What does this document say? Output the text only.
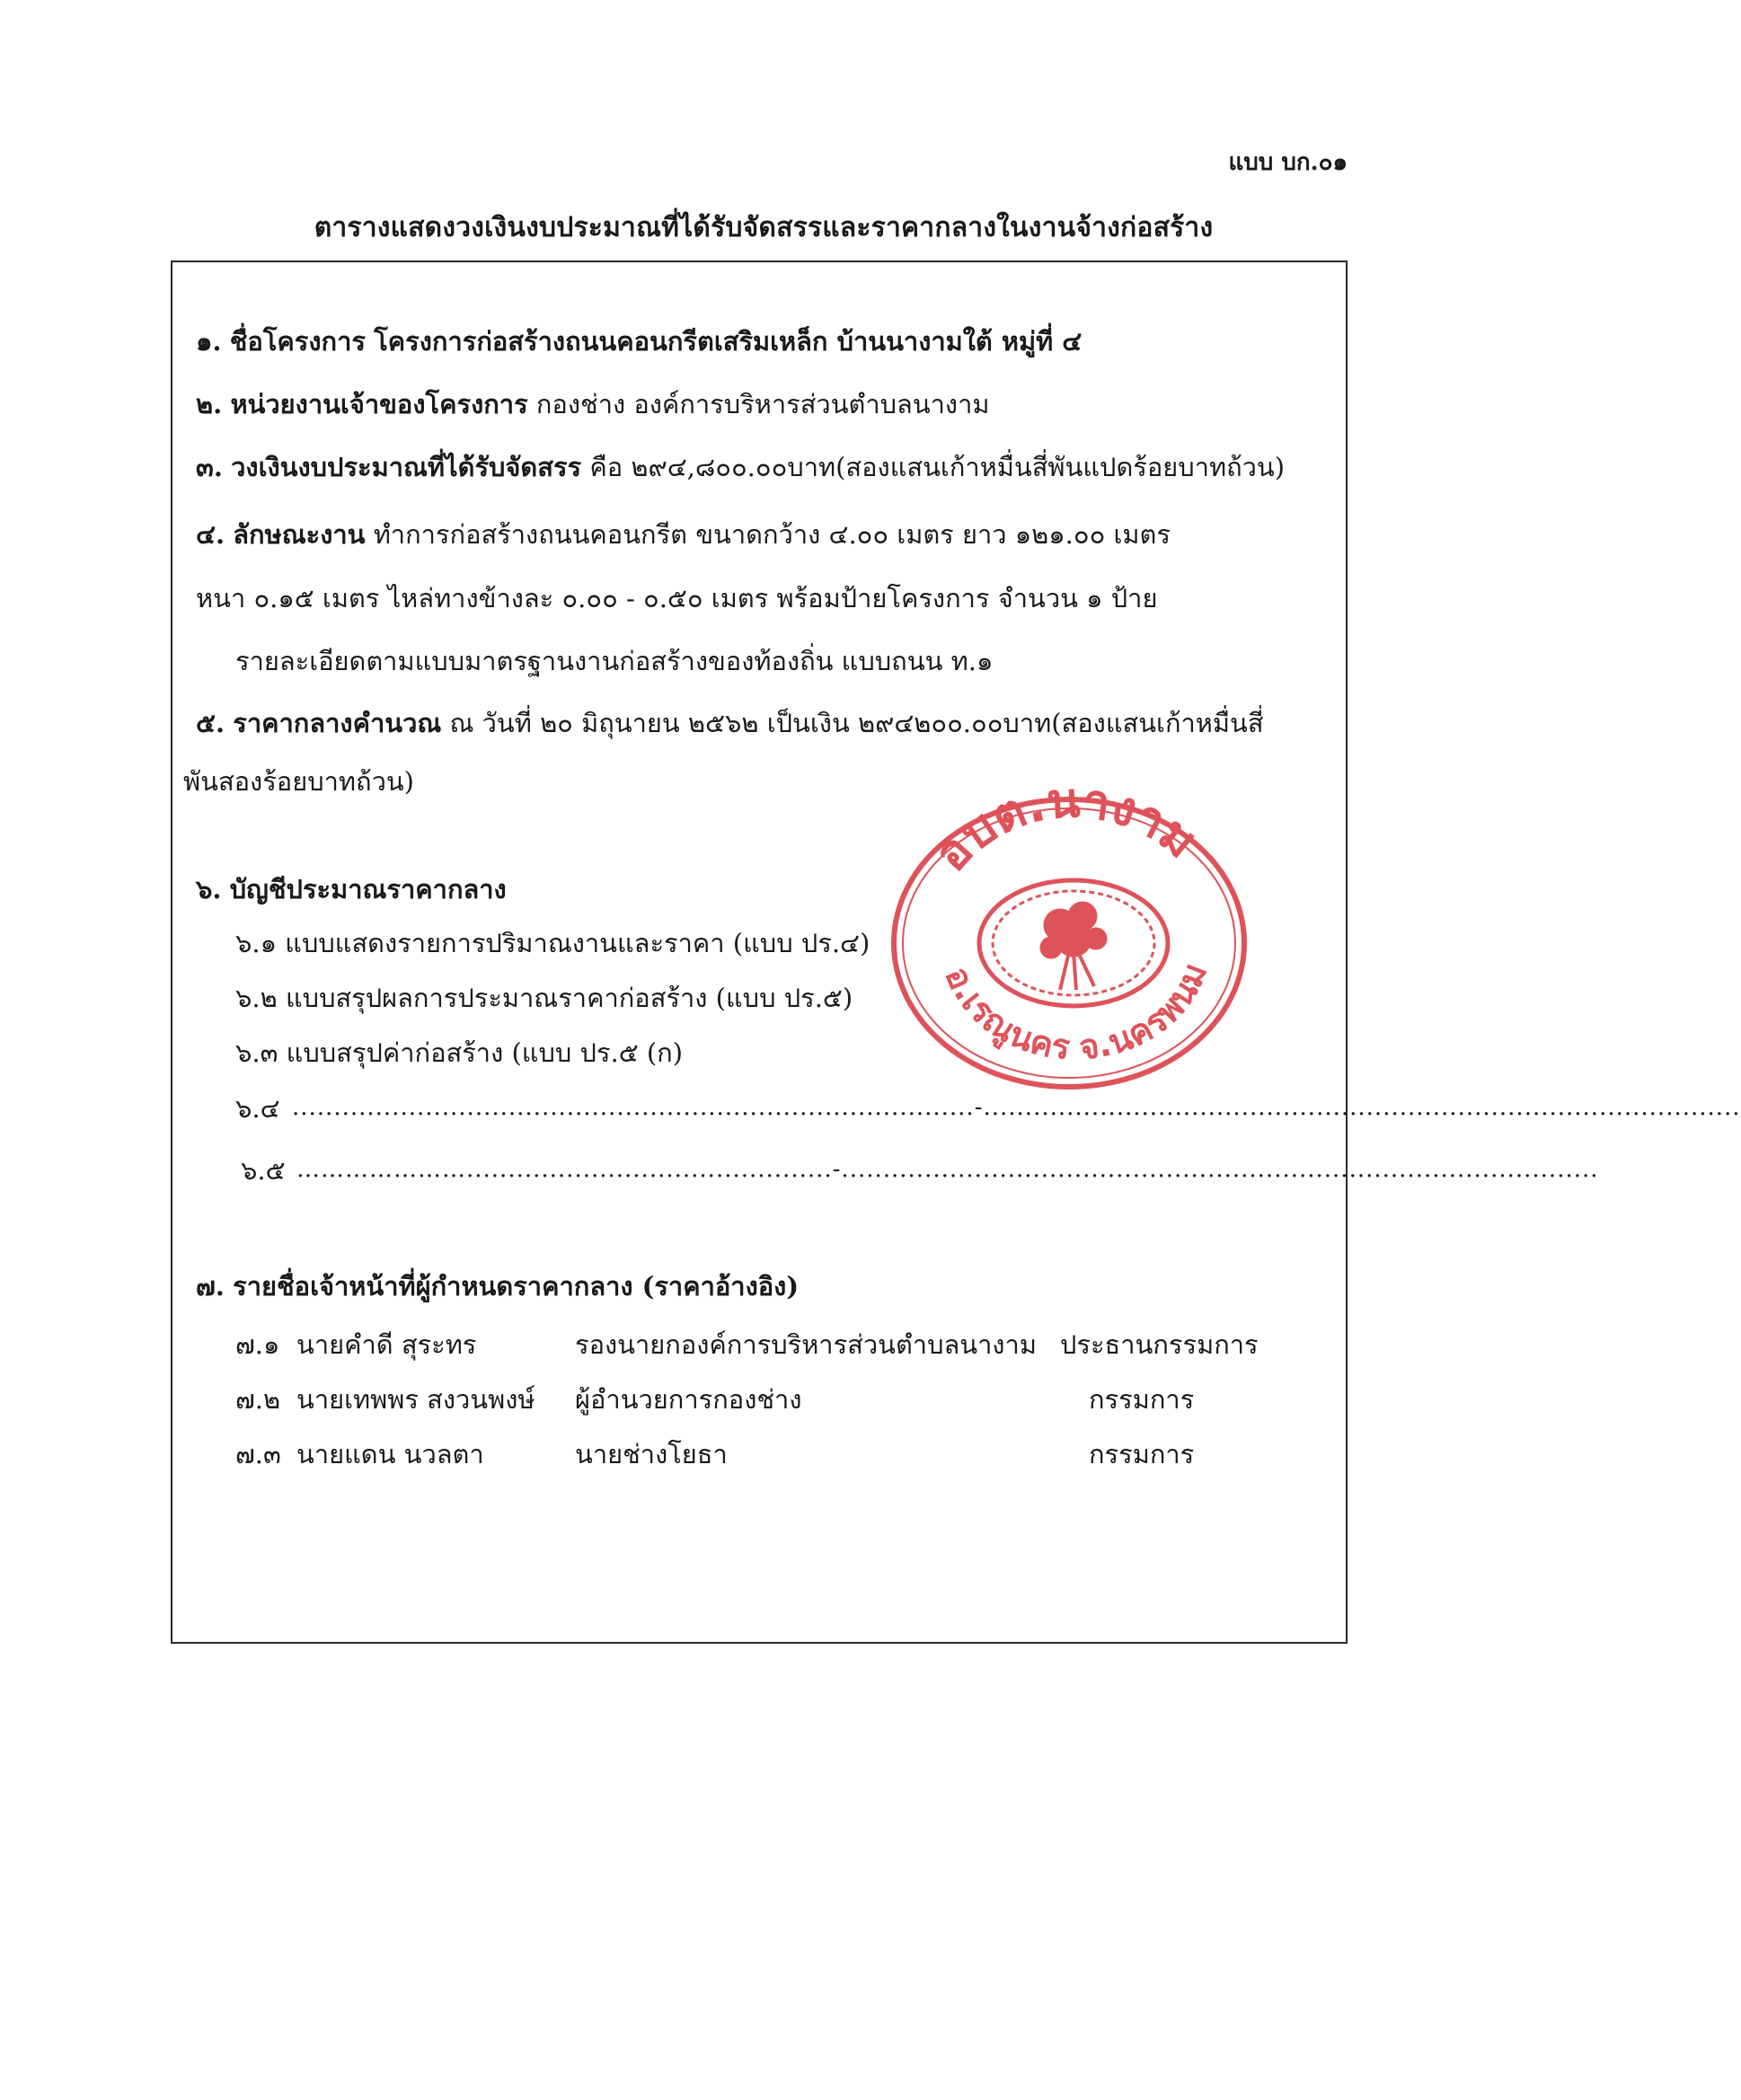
แบบ บก.๐๑
ตารางแสดงวงเงินงบประมาณที่ได้รับจัดสรรและราคากลางในงานจ้างก่อสร้าง
๑. ชื่อโครงการ โครงการก่อสร้างถนนคอนกรีตเสริมเหล็ก บ้านนางามใต้ หมู่ที่ ๔
๒. หน่วยงานเจ้าของโครงการ กองช่าง องค์การบริหารส่วนตำบลนางาม
๓. วงเงินงบประมาณที่ได้รับจัดสรร คือ ๒๙๔,๘๐๐.๐๐บาท(สองแสนเก้าหมื่นสี่พันแปดร้อยบาทถ้วน)
๔. ลักษณะงาน ทำการก่อสร้างถนนคอนกรีต ขนาดกว้าง ๔.๐๐ เมตร ยาว ๑๒๑.๐๐ เมตร
หนา ๐.๑๕ เมตร ไหล่ทางข้างละ ๐.๐๐ - ๐.๕๐ เมตร พร้อมป้ายโครงการ จำนวน ๑ ป้าย
รายละเอียดตามแบบมาตรฐานงานก่อสร้างของท้องถิ่น แบบถนน ท.๑
๕. ราคากลางคำนวณ ณ วันที่ ๒๐ มิถุนายน ๒๕๖๒ เป็นเงิน ๒๙๔๒๐๐.๐๐บาท(สองแสนเก้าหมื่นสี่
พันสองร้อยบาทถ้วน)
อบต.นางาม
อ.เรณูนคร จ.นครพนม
๖. บัญชีประมาณราคากลาง
๖.๑ แบบแสดงรายการปริมาณงานและราคา (แบบ ปร.๔)
๖.๒ แบบสรุปผลการประมาณราคาก่อสร้าง (แบบ ปร.๕)
๖.๓ แบบสรุปค่าก่อสร้าง (แบบ ปร.๕ (ก)
๖.๔ ..................................................................................-...........................................................................................
๖.๕ …………………............................................-...........................................................................................
๗. รายชื่อเจ้าหน้าที่ผู้กำหนดราคากลาง (ราคาอ้างอิง)
๗.๑ นายคำดี สุระทร	รองนายกองค์การบริหารส่วนตำบลนางาม ประธานกรรมการ
๗.๒ นายเทพพร สงวนพงษ์ ผู้อำนวยการกองช่าง	กรรมการ
๗.๓ นายแดน นวลตา	นายช่างโยธา	กรรมการ
